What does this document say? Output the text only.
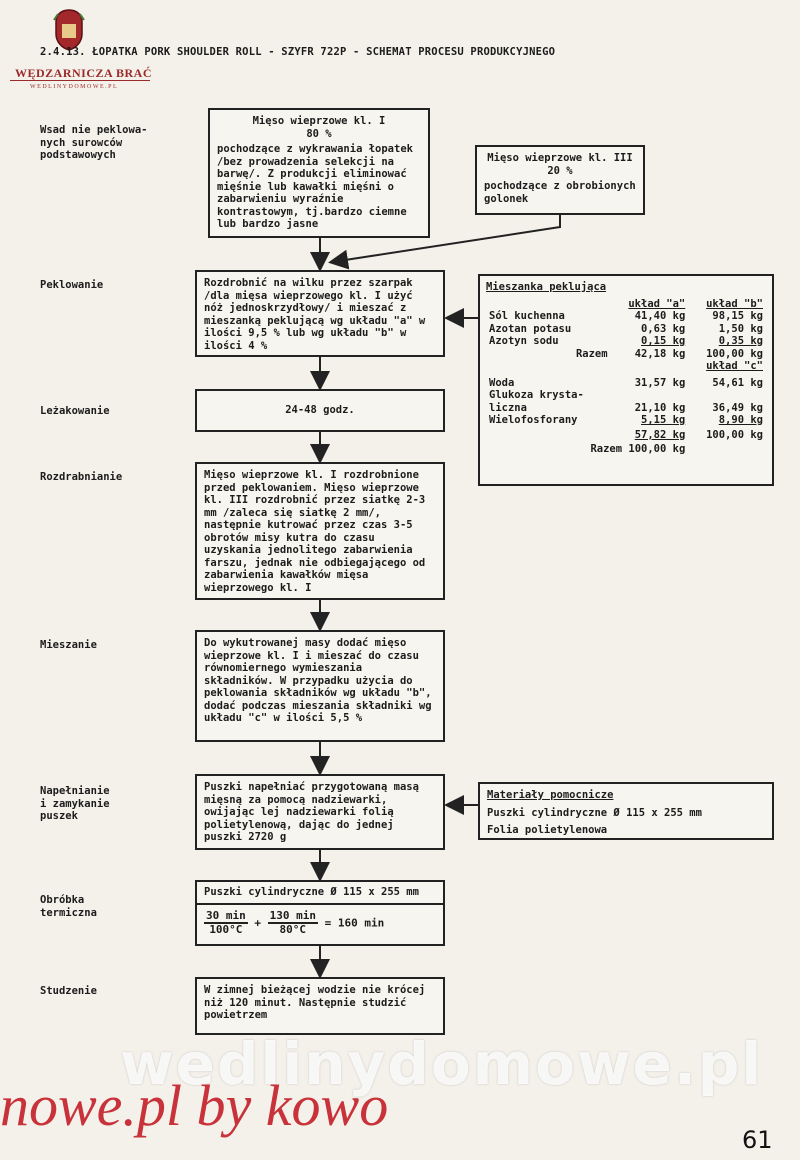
WĘDZARNICZA BRAĆ
WEDLINYDOMOWE.PL
2.4.13. ŁOPATKA PORK SHOULDER ROLL - SZYFR 722P - SCHEMAT PROCESU PRODUKCYJNEGO
Wsad nie peklowa-
nych surowców
podstawowych
Peklowanie
Leżakowanie
Rozdrabnianie
Mieszanie
Napełnianie
i zamykanie
puszek
Obróbka
termiczna
Studzenie
Mięso wieprzowe kl. I
80 %
pochodzące z wykrawania łopatek /bez prowadzenia selekcji na barwę/. Z produkcji eliminować mięśnie lub kawałki mięśni o zabarwieniu wyraźnie kontrastowym, tj.bardzo ciemne lub bardzo jasne
Mięso wieprzowe kl. III
20 %
pochodzące z obrobionych golonek
Rozdrobnić na wilku przez szarpak /dla mięsa wieprzowego kl. I użyć nóż jednoskrzydłowy/ i mieszać z mieszanką peklującą wg układu "a" w ilości 9,5 % lub wg układu "b" w ilości 4 %
Mieszanka peklująca
	układ "a"	układ "b"
Sól kuchenna	41,40 kg	98,15 kg
Azotan potasu	0,63 kg	1,50 kg
Azotyn sodu	0,15 kg	0,35 kg
Razem	42,18 kg	100,00 kg
		układ "c"

Woda	31,57 kg	54,61 kg
Glukoza krysta-
liczna	21,10 kg	36,49 kg
Wielofosforany	5,15 kg	8,90 kg
	57,82 kg	100,00 kg
Razem 100,00 kg		
24-48 godz.
Mięso wieprzowe kl. I rozdrobnione przed peklowaniem. Mięso wieprzowe kl. III rozdrobnić przez siatkę 2-3 mm /zaleca się siatkę 2 mm/, następnie kutrować przez czas 3-5 obrotów misy kutra do czasu uzyskania jednolitego zabarwienia farszu, jednak nie odbiegającego od zabarwienia kawałków mięsa wieprzowego kl. I
Do wykutrowanej masy dodać mięso wieprzowe kl. I i mieszać do czasu równomiernego wymieszania składników. W przypadku użycia do peklowania składników wg układu "b", dodać podczas mieszania składniki wg układu "c" w ilości 5,5 %
Puszki napełniać przygotowaną masą mięsną za pomocą nadziewarki, owijając lej nadziewarki folią polietylenową, dając do jednej puszki 2720 g
Materiały pomocnicze
Puszki cylindryczne Ø 115 x 255 mm
Folia polietylenowa
Puszki cylindryczne Ø 115 x 255 mm
$\frac{30 \min}{100^\circ C} + \frac{130 \min}{80^\circ C} = 160$ min
W zimnej bieżącej wodzie nie krócej niż 120 minut. Następnie studzić powietrzem
wedlinydomowe.pl
nowe.pl by kowo
61
